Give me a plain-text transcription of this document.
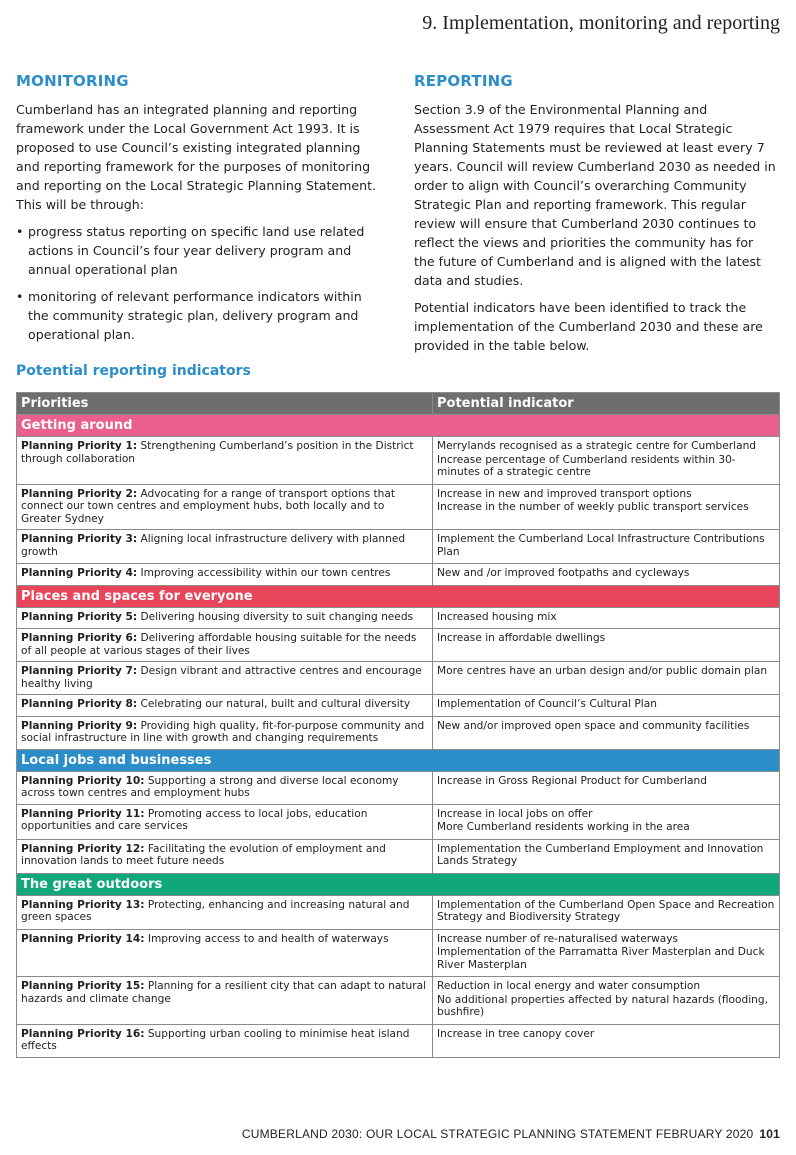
9. Implementation, monitoring and reporting
MONITORING

Cumberland has an integrated planning and reporting framework under the Local Government Act 1993. It is proposed to use Council’s existing integrated planning and reporting framework for the purposes of monitoring and reporting on the Local Strategic Planning Statement. This will be through:

• progress status reporting on specific land use related actions in Council’s four year delivery program and annual operational plan
• monitoring of relevant performance indicators within the community strategic plan, delivery program and operational plan.
REPORTING

Section 3.9 of the Environmental Planning and Assessment Act 1979 requires that Local Strategic Planning Statements must be reviewed at least every 7 years. Council will review Cumberland 2030 as needed in order to align with Council’s overarching Community Strategic Plan and reporting framework. This regular review will ensure that Cumberland 2030 continues to reflect the views and priorities the community has for the future of Cumberland and is aligned with the latest data and studies.

Potential indicators have been identified to track the implementation of the Cumberland 2030 and these are provided in the table below.

Potential reporting indicators
Priorities	Potential indicator
Getting around	
Planning Priority 1: Strengthening Cumberland’s position in the District through collaboration	Merrylands recognised as a strategic centre for Cumberland
Increase percentage of Cumberland residents within 30-minutes of a strategic centre

Planning Priority 2: Advocating for a range of transport options that connect our town centres and employment hubs, both locally and to Greater Sydney	Increase in new and improved transport options
Increase in the number of weekly public transport services

Planning Priority 3: Aligning local infrastructure delivery with planned growth	Implement the Cumberland Local Infrastructure Contributions Plan

Planning Priority 4: Improving accessibility within our town centres	New and /or improved footpaths and cycleways

Places and spaces for everyone	
Planning Priority 5: Delivering housing diversity to suit changing needs	Increased housing mix

Planning Priority 6: Delivering affordable housing suitable for the needs of all people at various stages of their lives	Increase in affordable dwellings

Planning Priority 7: Design vibrant and attractive centres and encourage healthy living	More centres have an urban design and/or public domain plan

Planning Priority 8: Celebrating our natural, built and cultural diversity	Implementation of Council’s Cultural Plan

Planning Priority 9: Providing high quality, fit-for-purpose community and social infrastructure in line with growth and changing requirements	New and/or improved open space and community facilities

Local jobs and businesses	
Planning Priority 10: Supporting a strong and diverse local economy across town centres and employment hubs	Increase in Gross Regional Product for Cumberland

Planning Priority 11: Promoting access to local jobs, education opportunities and care services	Increase in local jobs on offer
More Cumberland residents working in the area

Planning Priority 12: Facilitating the evolution of employment and innovation lands to meet future needs	Implementation the Cumberland Employment and Innovation Lands Strategy

The great outdoors	
Planning Priority 13: Protecting, enhancing and increasing natural and green spaces	Implementation of the Cumberland Open Space and Recreation Strategy and Biodiversity Strategy

Planning Priority 14: Improving access to and health of waterways	Increase number of re-naturalised waterways
Implementation of the Parramatta River Masterplan and Duck River Masterplan

Planning Priority 15: Planning for a resilient city that can adapt to natural hazards and climate change	Reduction in local energy and water consumption
No additional properties affected by natural hazards (flooding, bushfire)

Planning Priority 16: Supporting urban cooling to minimise heat island effects	Increase in tree canopy cover
CUMBERLAND 2030: OUR LOCAL STRATEGIC PLANNING STATEMENT FEBRUARY 2020 101
